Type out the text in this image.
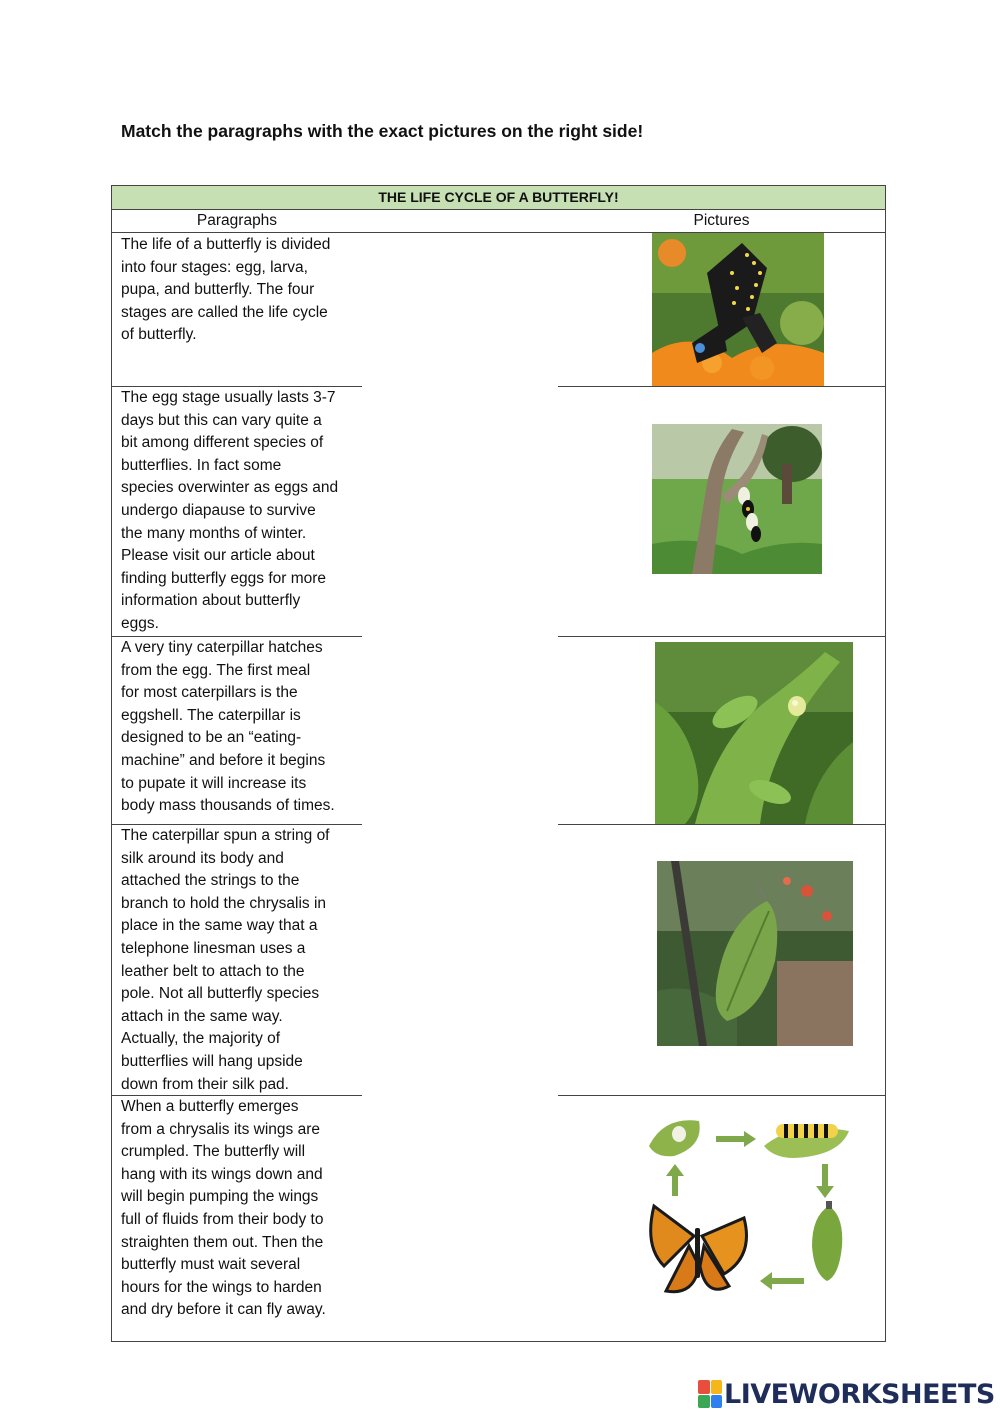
Match the paragraphs with the exact pictures on the right side!
THE LIFE CYCLE OF A BUTTERFLY!
Paragraphs	Pictures
The life of a butterfly is divided
into four stages: egg, larva,
pupa, and butterfly. The four
stages are called the life cycle
of butterfly.
The egg stage usually lasts 3-7
days but this can vary quite a
bit among different species of
butterflies. In fact some
species overwinter as eggs and
undergo diapause to survive
the many months of winter.
Please visit our article about
finding butterfly eggs for more
information about butterfly
eggs.
A very tiny caterpillar hatches
from the egg. The first meal
for most caterpillars is the
eggshell. The caterpillar is
designed to be an “eating-
machine” and before it begins
to pupate it will increase its
body mass thousands of times.
The caterpillar spun a string of
silk around its body and
attached the strings to the
branch to hold the chrysalis in
place in the same way that a
telephone linesman uses a
leather belt to attach to the
pole. Not all butterfly species
attach in the same way.
Actually, the majority of
butterflies will hang upside
down from their silk pad.
When a butterfly emerges
from a chrysalis its wings are
crumpled. The butterfly will
hang with its wings down and
will begin pumping the wings
full of fluids from their body to
straighten them out. Then the
butterfly must wait several
hours for the wings to harden
and dry before it can fly away.
LIVEWORKSHEETS
